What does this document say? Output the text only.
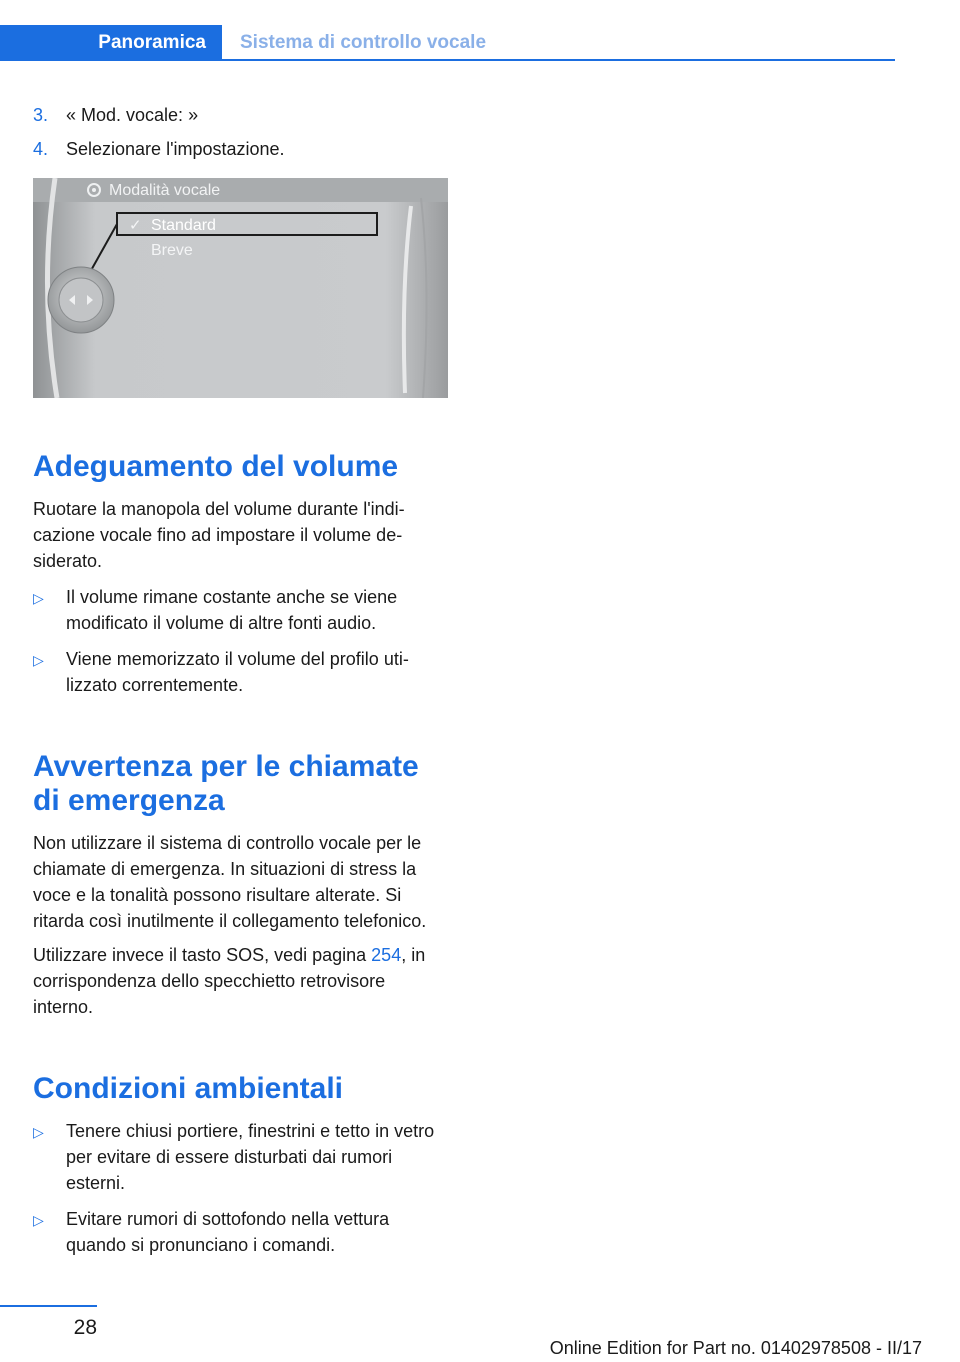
Panoramica	Sistema di controllo vocale
3. « Mod. vocale: »
4. Selezionare l'impostazione.
Modalità vocale
✓ Standard
Breve
Adeguamento del volume

Ruotare la manopola del volume durante l'indicazione vocale fino ad impostare il volume desiderato.

▷	Il volume rimane costante anche se viene modificato il volume di altre fonti audio.
▷	Viene memorizzato il volume del profilo utilizzato correntemente.
Avvertenza per le chiamate di emergenza

Non utilizzare il sistema di controllo vocale per le chiamate di emergenza. In situazioni di stress la voce e la tonalità possono risultare alterate. Si ritarda così inutilmente il collegamento telefonico.

Utilizzare invece il tasto SOS, vedi pagina 254, in corrispondenza dello specchietto retrovisore interno.

Condizioni ambientali
▷	Tenere chiusi portiere, finestrini e tetto in vetro per evitare di essere disturbati dai rumori esterni.
▷	Evitare rumori di sottofondo nella vettura quando si pronunciano i comandi.
28
Online Edition for Part no. 01402978508 - II/17
